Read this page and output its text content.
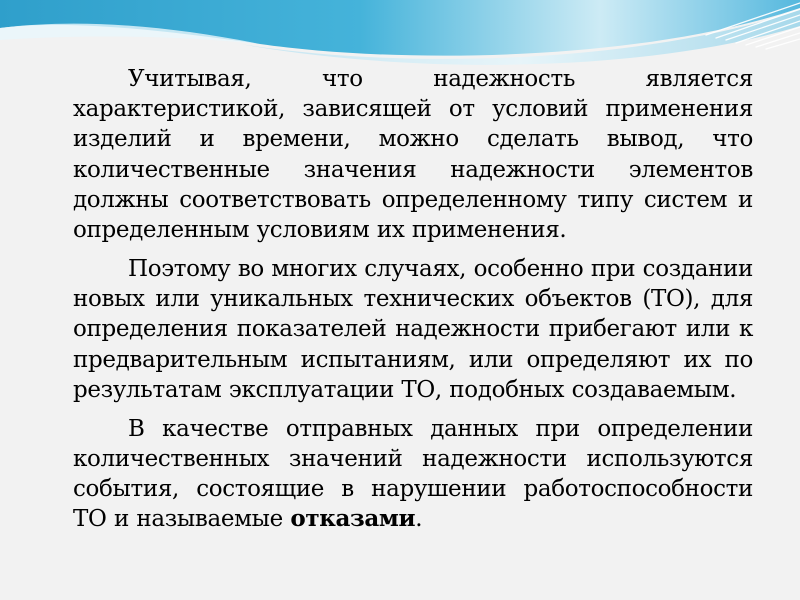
Учитывая, что надежность является характеристикой, зависящей от условий применения изделий и времени, можно сделать вывод, что количественные значения надежности элементов должны соответствовать определенному типу систем и определенным условиям их применения.

Поэтому во многих случаях, особенно при создании новых или уникальных технических объектов (ТО), для определения показателей надежности прибегают или к предварительным испытаниям, или определяют их по результатам эксплуатации ТО, подобных создаваемым.

В качестве отправных данных при определении количественных значений надежности используются события, состоящие в нарушении работоспособности ТО и называемые отказами.
